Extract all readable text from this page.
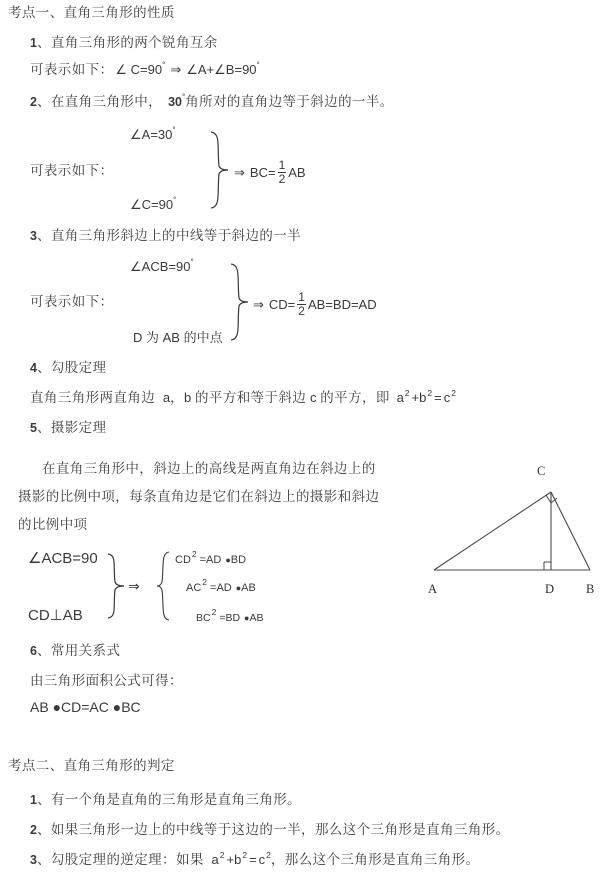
考点一、直角三角形的性质
1、直角三角形的两个锐角互余
可表示如下： ∠ C=90° ⇒ ∠A+∠B=90°
2、在直角三角形中， 30°角所对的直角边等于斜边的一半。
可表示如下：
∠A=30°
∠C=90°
⇒ $BC= \frac{1}{2}$ AB
3、直角三角形斜边上的中线等于斜边的一半
可表示如下：
∠ACB=90°
D 为 AB 的中点
⇒ $CD= \frac{1}{2} AB=BD=AD$
4、勾股定理
直角三角形两直角边 a，b 的平方和等于斜边 c 的平方，即 $a^2 +b^2 = c^2$
5、摄影定理
在直角三角形中，斜边上的高线是两直角边在斜边上的
摄影的比例中项，每条直角边是它们在斜边上的摄影和斜边
的比例中项
∠ACB=90
CD⊥AB
⇒
$CD^2=AD$ ●BD
$AC^2=AD$ ●AB
$BC^2=BD$ ●AB
C
A	D	B
6、常用关系式
由三角形面积公式可得：
AB ●CD=AC ●BC
考点二、直角三角形的判定
1、有一个角是直角的三角形是直角三角形。
2、如果三角形一边上的中线等于这边的一半，那么这个三角形是直角三角形。
3、勾股定理的逆定理：如果 $a^2 +b^2 = c^2$，那么这个三角形是直角三角形。
